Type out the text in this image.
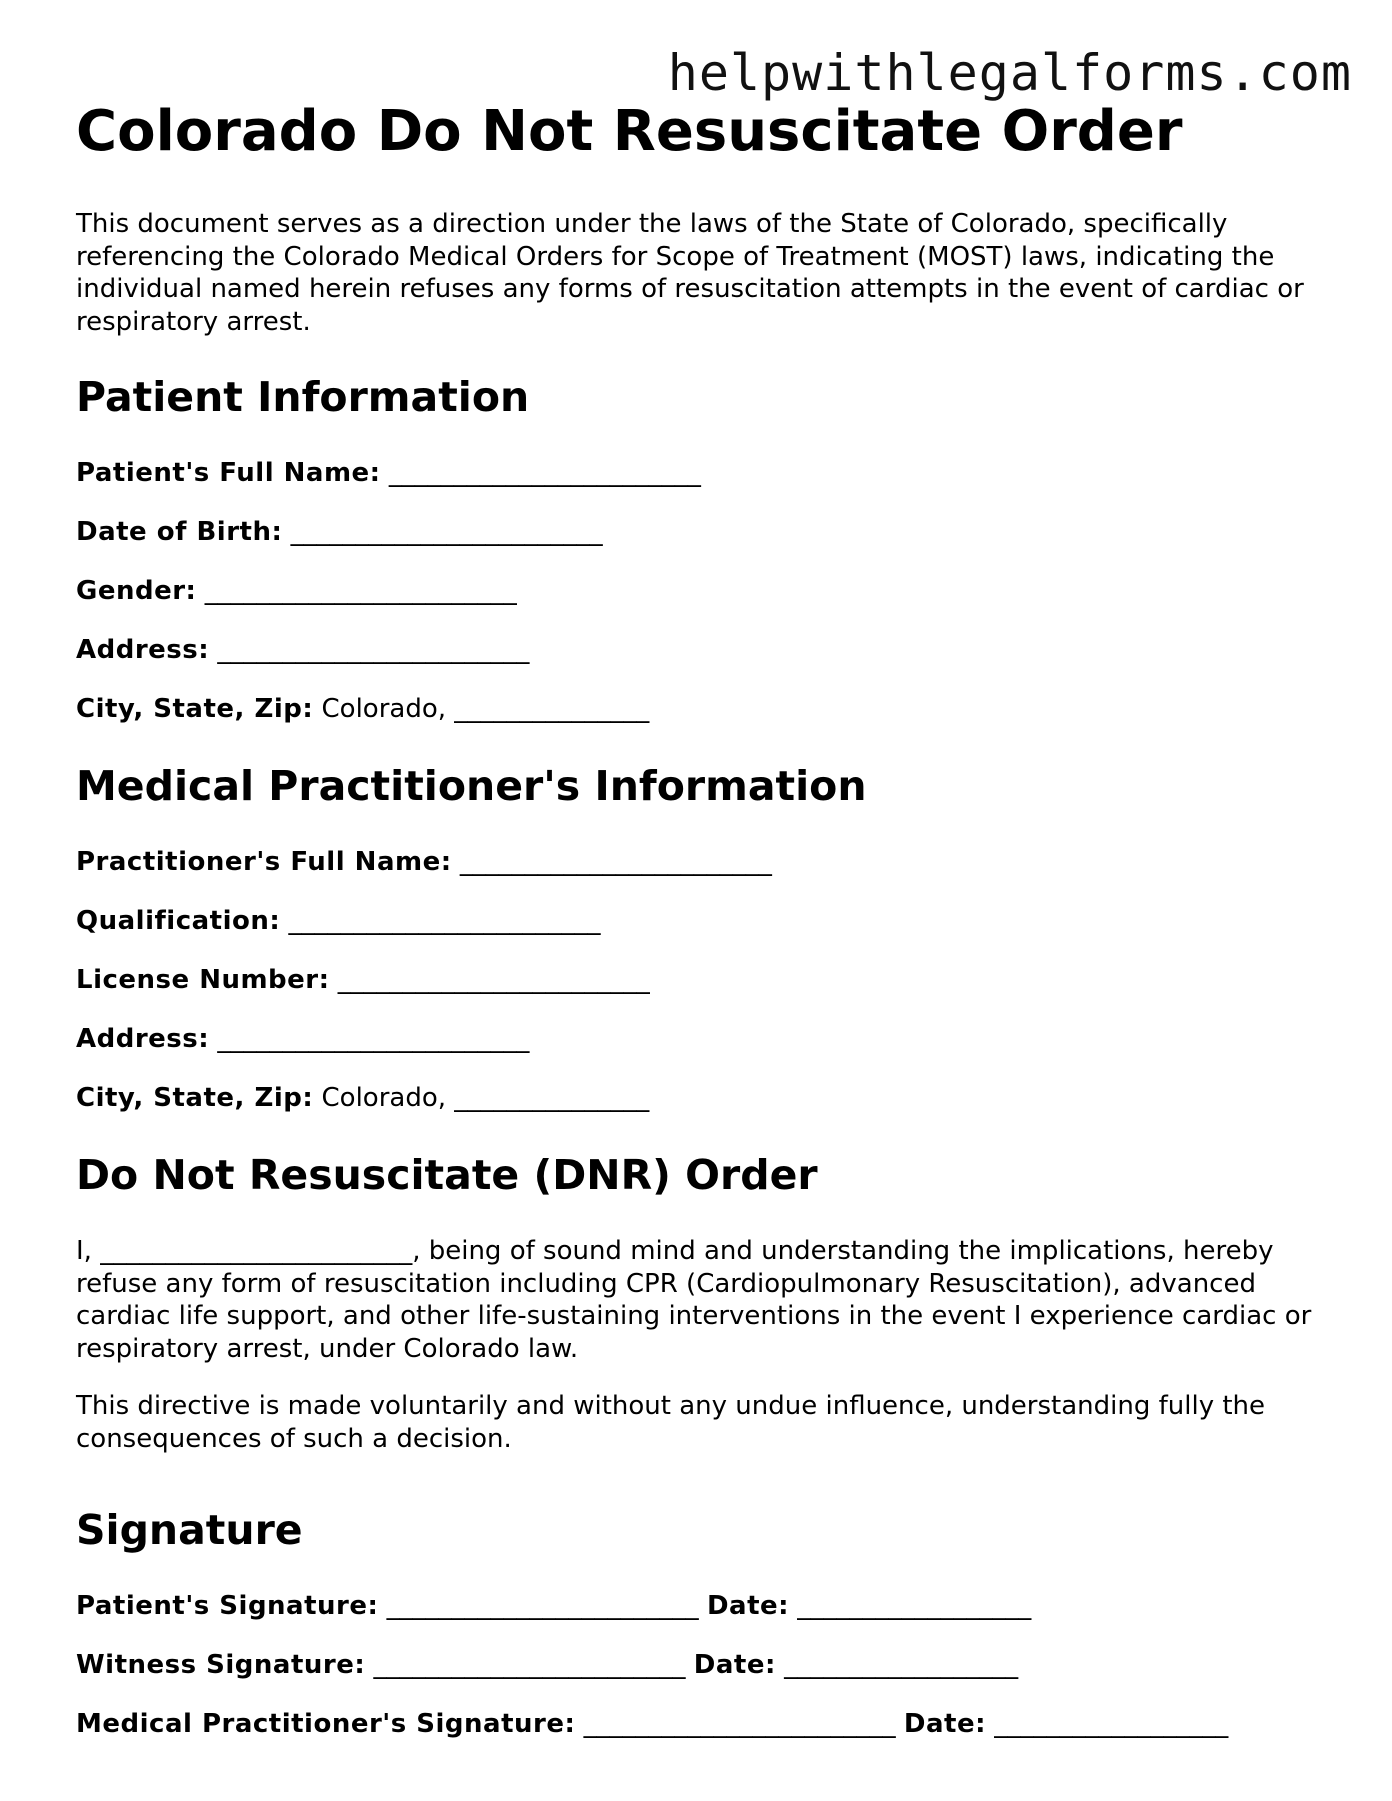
helpwithlegalforms.com
Colorado Do Not Resuscitate Order

This document serves as a direction under the laws of the State of Colorado, specifically referencing the Colorado Medical Orders for Scope of Treatment (MOST) laws, indicating the individual named herein refuses any forms of resuscitation attempts in the event of cardiac or respiratory arrest.

Patient Information

Patient's Full Name: ________________________

Date of Birth: ________________________

Gender: ________________________

Address: ________________________

City, State, Zip: Colorado, _______________

Medical Practitioner's Information

Practitioner's Full Name: ________________________

Qualification: ________________________

License Number: ________________________

Address: ________________________

City, State, Zip: Colorado, _______________

Do Not Resuscitate (DNR) Order

I, ________________________, being of sound mind and understanding the implications, hereby refuse any form of resuscitation including CPR (Cardiopulmonary Resuscitation), advanced cardiac life support, and other life-sustaining interventions in the event I experience cardiac or respiratory arrest, under Colorado law.

This directive is made voluntarily and without any undue influence, understanding fully the consequences of such a decision.

Signature

Patient's Signature: ________________________ Date: __________________

Witness Signature: ________________________ Date: __________________

Medical Practitioner's Signature: ________________________ Date: __________________
